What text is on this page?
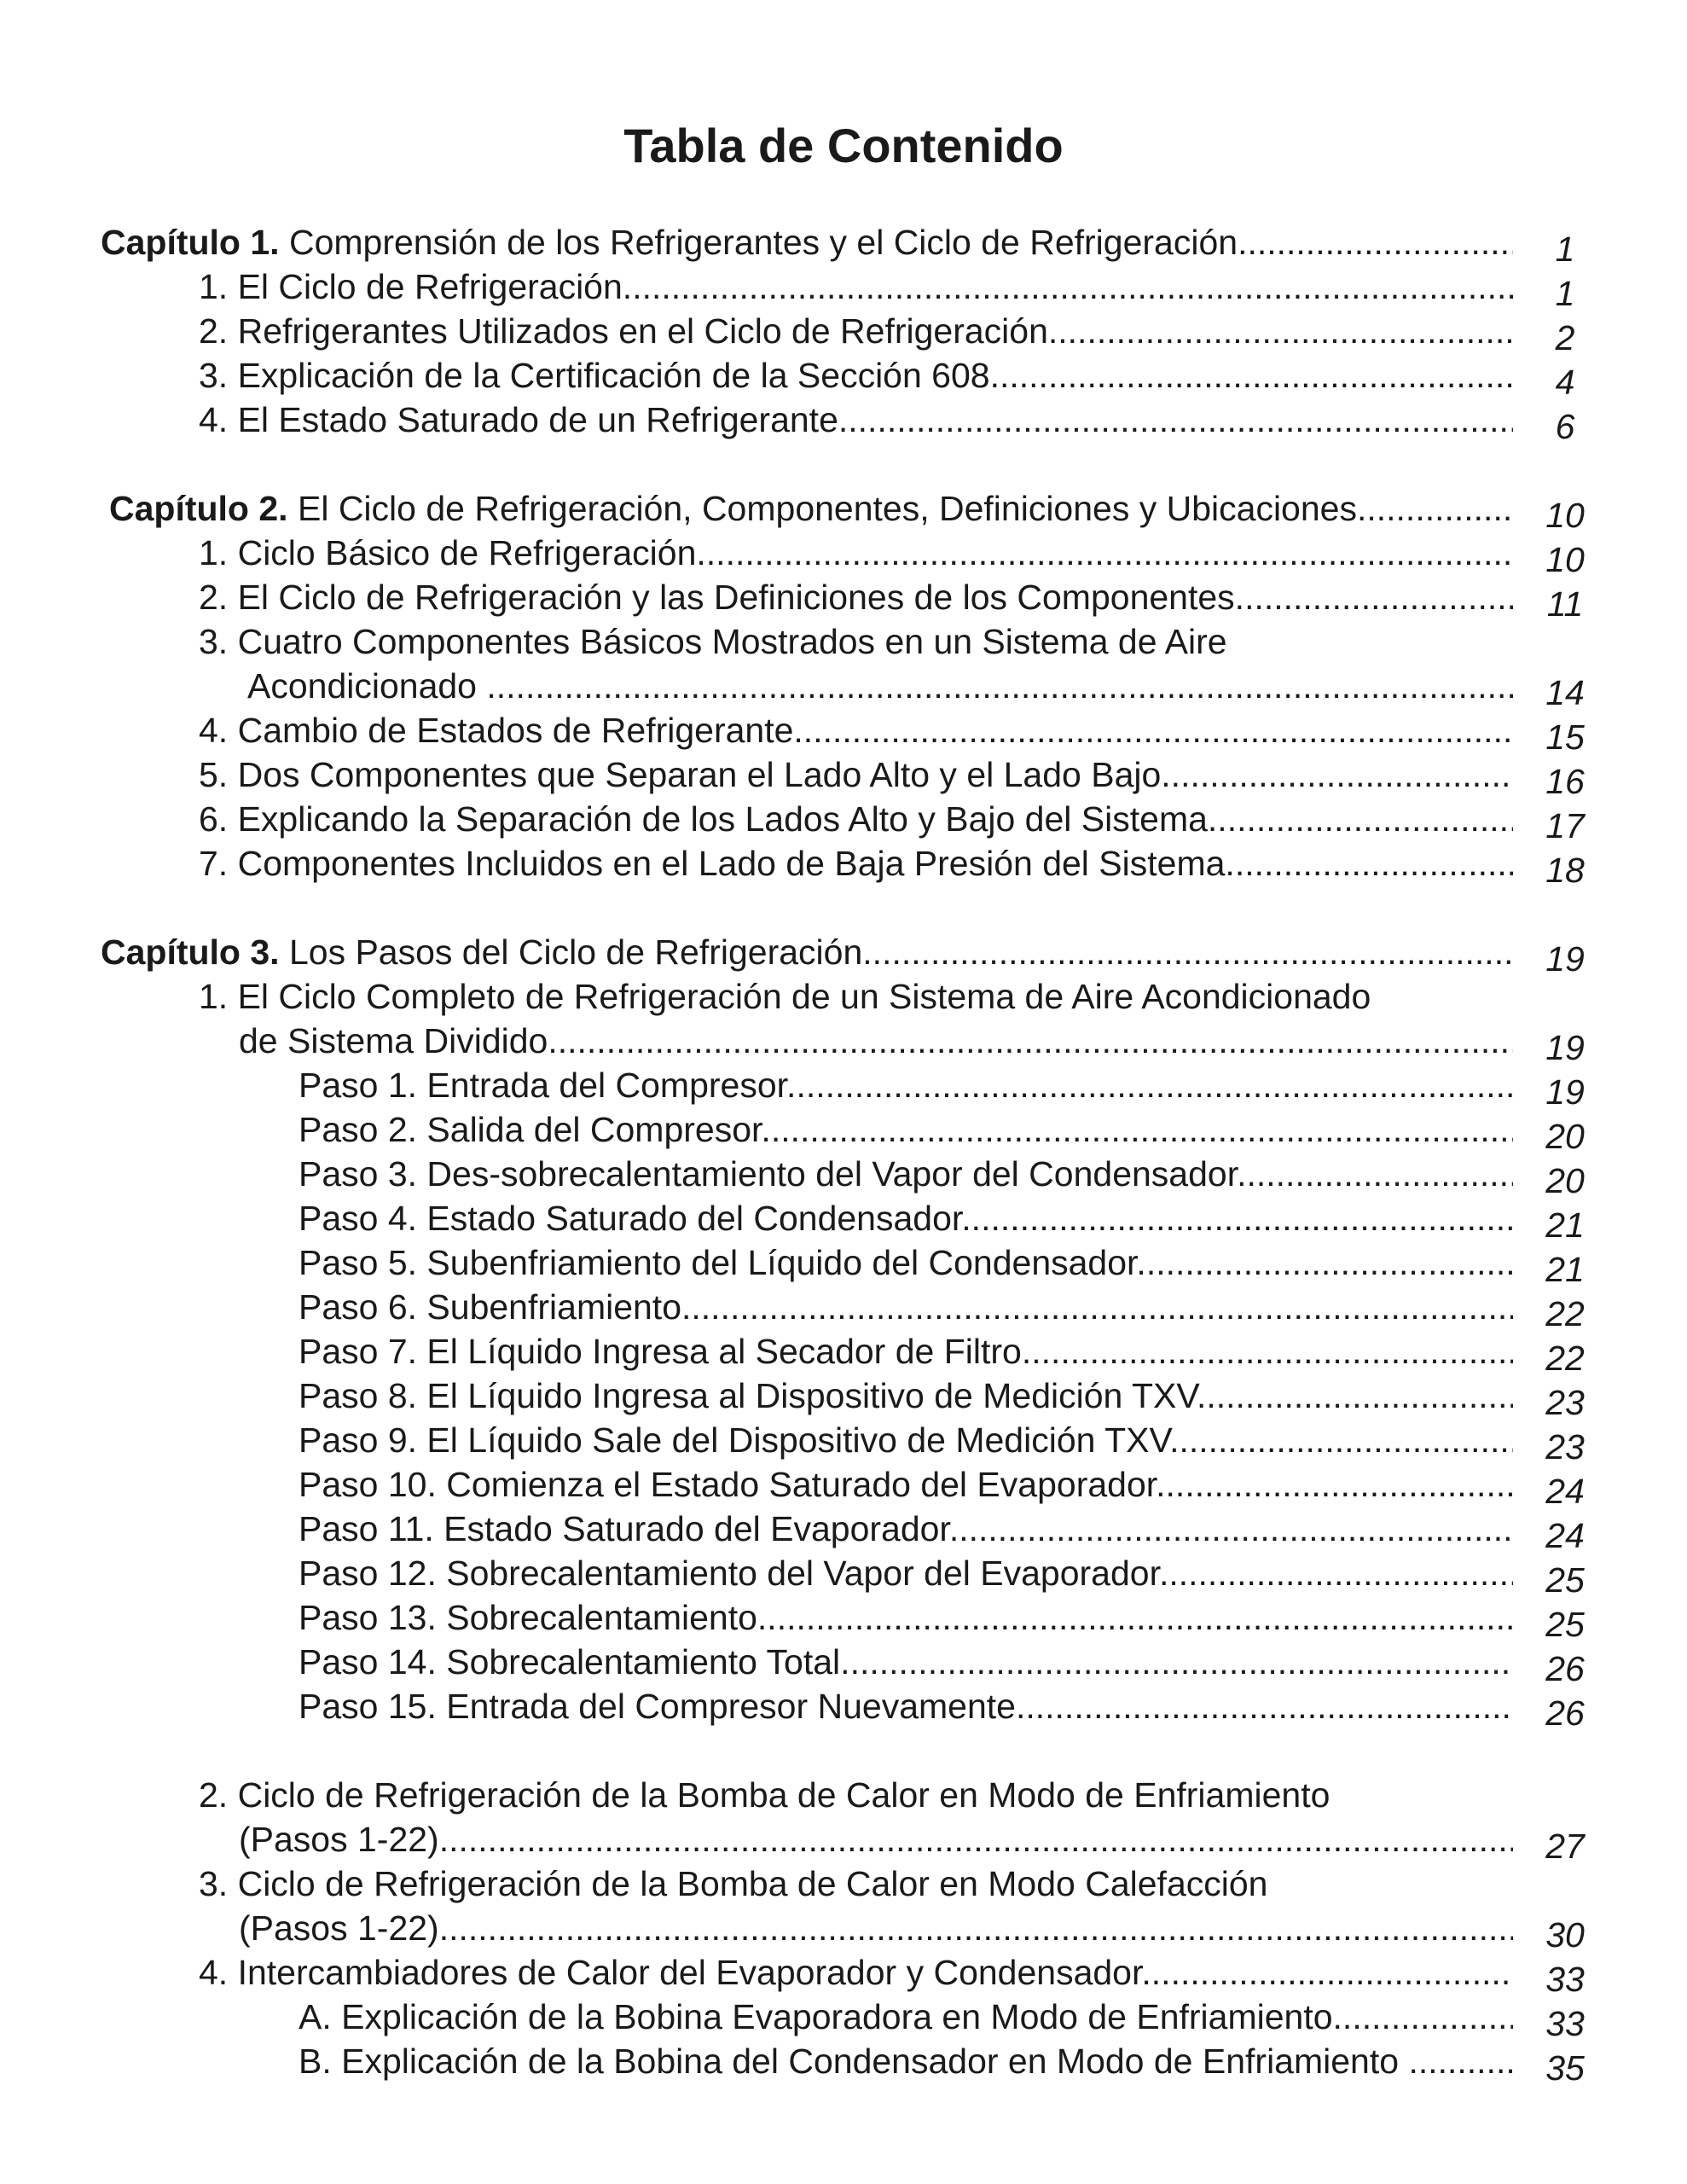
Tabla de Contenido
Capítulo 1. Comprensión de los Refrigerantes y el Ciclo de Refrigeración .....	1
1. El Ciclo de Refrigeración .....	1
2. Refrigerantes Utilizados en el Ciclo de Refrigeración .....	2
3. Explicación de la Certificación de la Sección 608 .....	4
4. El Estado Saturado de un Refrigerante .....	6
Capítulo 2. El Ciclo de Refrigeración, Componentes, Definiciones y Ubicaciones .....	10
1. Ciclo Básico de Refrigeración .....	10
2. El Ciclo de Refrigeración y las Definiciones de los Componentes .....	11
3. Cuatro Componentes Básicos Mostrados en un Sistema de Aire
Acondicionado .....	14
4. Cambio de Estados de Refrigerante .....	15
5. Dos Componentes que Separan el Lado Alto y el Lado Bajo .....	16
6. Explicando la Separación de los Lados Alto y Bajo del Sistema .....	17
7. Componentes Incluidos en el Lado de Baja Presión del Sistema .....	18
Capítulo 3. Los Pasos del Ciclo de Refrigeración .....	19
1. El Ciclo Completo de Refrigeración de un Sistema de Aire Acondicionado
de Sistema Dividido .....	19
Paso 1. Entrada del Compresor .....	19
Paso 2. Salida del Compresor .....	20
Paso 3. Des-sobrecalentamiento del Vapor del Condensador .....	20
Paso 4. Estado Saturado del Condensador .....	21
Paso 5. Subenfriamiento del Líquido del Condensador .....	21
Paso 6. Subenfriamiento .....	22
Paso 7. El Líquido Ingresa al Secador de Filtro .....	22
Paso 8. El Líquido Ingresa al Dispositivo de Medición TXV .....	23
Paso 9. El Líquido Sale del Dispositivo de Medición TXV .....	23
Paso 10. Comienza el Estado Saturado del Evaporador .....	24
Paso 11. Estado Saturado del Evaporador .....	24
Paso 12. Sobrecalentamiento del Vapor del Evaporador .....	25
Paso 13. Sobrecalentamiento .....	25
Paso 14. Sobrecalentamiento Total .....	26
Paso 15. Entrada del Compresor Nuevamente .....	26
2. Ciclo de Refrigeración de la Bomba de Calor en Modo de Enfriamiento
(Pasos 1-22) .....	27
3. Ciclo de Refrigeración de la Bomba de Calor en Modo Calefacción
(Pasos 1-22) .....	30
4. Intercambiadores de Calor del Evaporador y Condensador .....	33
A. Explicación de la Bobina Evaporadora en Modo de Enfriamiento .....	33
B. Explicación de la Bobina del Condensador en Modo de Enfriamiento .....	35
